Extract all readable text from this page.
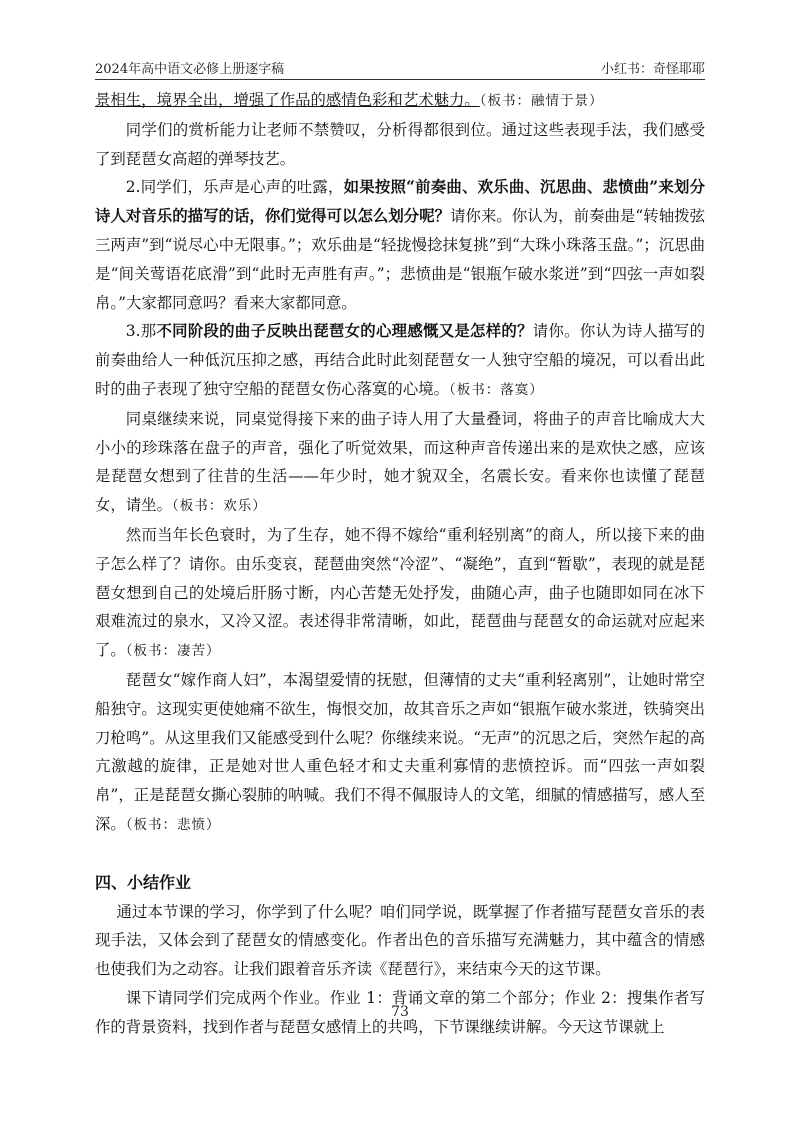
2024年高中语文必修上册逐字稿	小红书：奇怪耶耶

景相生，境界全出，增强了作品的感情色彩和艺术魅力。（板书：融情于景）

同学们的赏析能力让老师不禁赞叹，分析得都很到位。通过这些表现手法，我们感受了到琵琶女高超的弹琴技艺。

2.同学们，乐声是心声的吐露，如果按照“前奏曲、欢乐曲、沉思曲、悲愤曲”来划分诗人对音乐的描写的话，你们觉得可以怎么划分呢？请你来。你认为，前奏曲是“转轴拨弦三两声”到“说尽心中无限事。”；欢乐曲是“轻拢慢捻抹复挑”到“大珠小珠落玉盘。”；沉思曲是“间关莺语花底滑”到“此时无声胜有声。”；悲愤曲是“银瓶乍破水浆迸”到“四弦一声如裂帛。”大家都同意吗？看来大家都同意。

3.那不同阶段的曲子反映出琵琶女的心理感慨又是怎样的？请你。你认为诗人描写的前奏曲给人一种低沉压抑之感，再结合此时此刻琵琶女一人独守空船的境况，可以看出此时的曲子表现了独守空船的琵琶女伤心落寞的心境。（板书：落寞）

同桌继续来说，同桌觉得接下来的曲子诗人用了大量叠词，将曲子的声音比喻成大大小小的珍珠落在盘子的声音，强化了听觉效果，而这种声音传递出来的是欢快之感，应该是琵琶女想到了往昔的生活——年少时，她才貌双全，名震长安。看来你也读懂了琵琶女，请坐。（板书：欢乐）

然而当年长色衰时，为了生存，她不得不嫁给“重利轻别离”的商人，所以接下来的曲子怎么样了？请你。由乐变哀，琵琶曲突然“冷涩”、“凝绝”，直到“暂歇”，表现的就是琵琶女想到自己的处境后肝肠寸断，内心苦楚无处抒发，曲随心声，曲子也随即如同在冰下艰难流过的泉水，又冷又涩。表述得非常清晰，如此，琵琶曲与琵琶女的命运就对应起来了。（板书：凄苦）

琵琶女“嫁作商人妇”，本渴望爱情的抚慰，但薄情的丈夫“重利轻离别”，让她时常空船独守。这现实更使她痛不欲生，悔恨交加，故其音乐之声如“银瓶乍破水浆迸，铁骑突出刀枪鸣”。从这里我们又能感受到什么呢？你继续来说。“无声”的沉思之后，突然乍起的高亢激越的旋律，正是她对世人重色轻才和丈夫重利寡情的悲愤控诉。而“四弦一声如裂帛”，正是琵琶女撕心裂肺的呐喊。我们不得不佩服诗人的文笔，细腻的情感描写，感人至深。（板书：悲愤）

四、小结作业

通过本节课的学习，你学到了什么呢？咱们同学说，既掌握了作者描写琵琶女音乐的表现手法，又体会到了琵琶女的情感变化。作者出色的音乐描写充满魅力，其中蕴含的情感也使我们为之动容。让我们跟着音乐齐读《琵琶行》，来结束今天的这节课。

课下请同学们完成两个作业。作业 1：背诵文章的第二个部分；作业 2：搜集作者写作的背景资料，找到作者与琵琶女感情上的共鸣，下节课继续讲解。今天这节课就上

73
